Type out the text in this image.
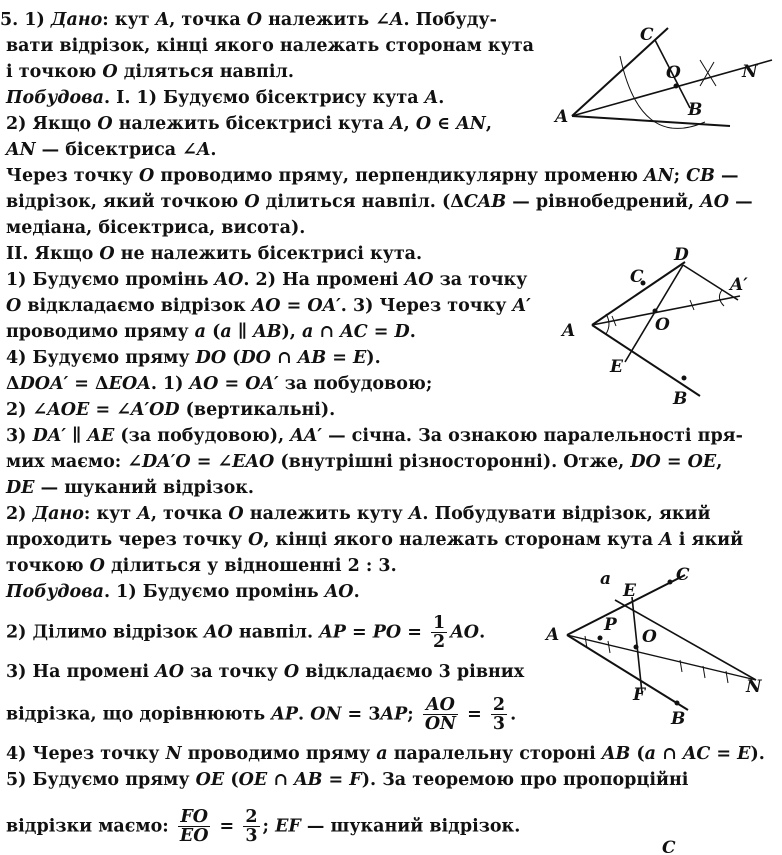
5. 1) Дано: кут A, точка O належить ∠A. Побуду-
вати відрізок, кінці якого належать сторонам кута
і точкою O діляться навпіл.
Побудова. I. 1) Будуємо бісектрису кута A.
2) Якщо O належить бісектрисі кута A, O ∈ AN,
AN — бісектриса ∠A.
Через точку O проводимо пряму, перпендикулярну променю AN; CB —
відрізок, який точкою O ділиться навпіл. (ΔCAB — рівнобедрений, AO —
медіана, бісектриса, висота).
II. Якщо O не належить бісектрисі кута.
1) Будуємо промінь AO. 2) На промені AO за точку
O відкладаємо відрізок AO = OA′. 3) Через точку A′
проводимо пряму a (a ∥ AB), a ∩ AC = D.
4) Будуємо пряму DO (DO ∩ AB = E).
ΔDOA′ = ΔEOA. 1) AO = OA′ за побудовою;
2) ∠AOE = ∠A′OD (вертикальні).
3) DA′ ∥ AE (за побудовою), AA′ — січна. За ознакою паралельності пря-
мих маємо: ∠DA′O = ∠EAO (внутрішні різносторонні). Отже, DO = OE,
DE — шуканий відрізок.
2) Дано: кут A, точка O належить куту A. Побудувати відрізок, який
проходить через точку O, кінці якого належать сторонам кута A і який
точкою O ділиться у відношенні 2 : 3.
Побудова. 1) Будуємо промінь AO.
2) Ділимо відрізок AO навпіл. AP = PO = $\frac{1}{2}$ AO.
3) На промені AO за точку O відкладаємо 3 рівних
відрізка, що дорівнюють AP. ON = 3AP; $\frac{AO}{ON} = \frac{2}{3}$ .
4) Через точку N проводимо пряму a паралельну стороні AB (a ∩ AC = E).
5) Будуємо пряму OE (OE ∩ AB = F). За теоремою про пропорційні
відрізки маємо: $\frac{FO}{EO} = \frac{2}{3}$ ; EF — шуканий відрізок.
C
A
O	N
B
D
C	A′
A	O
E
B
a
E
C
A	P
O
N
F
B
C
